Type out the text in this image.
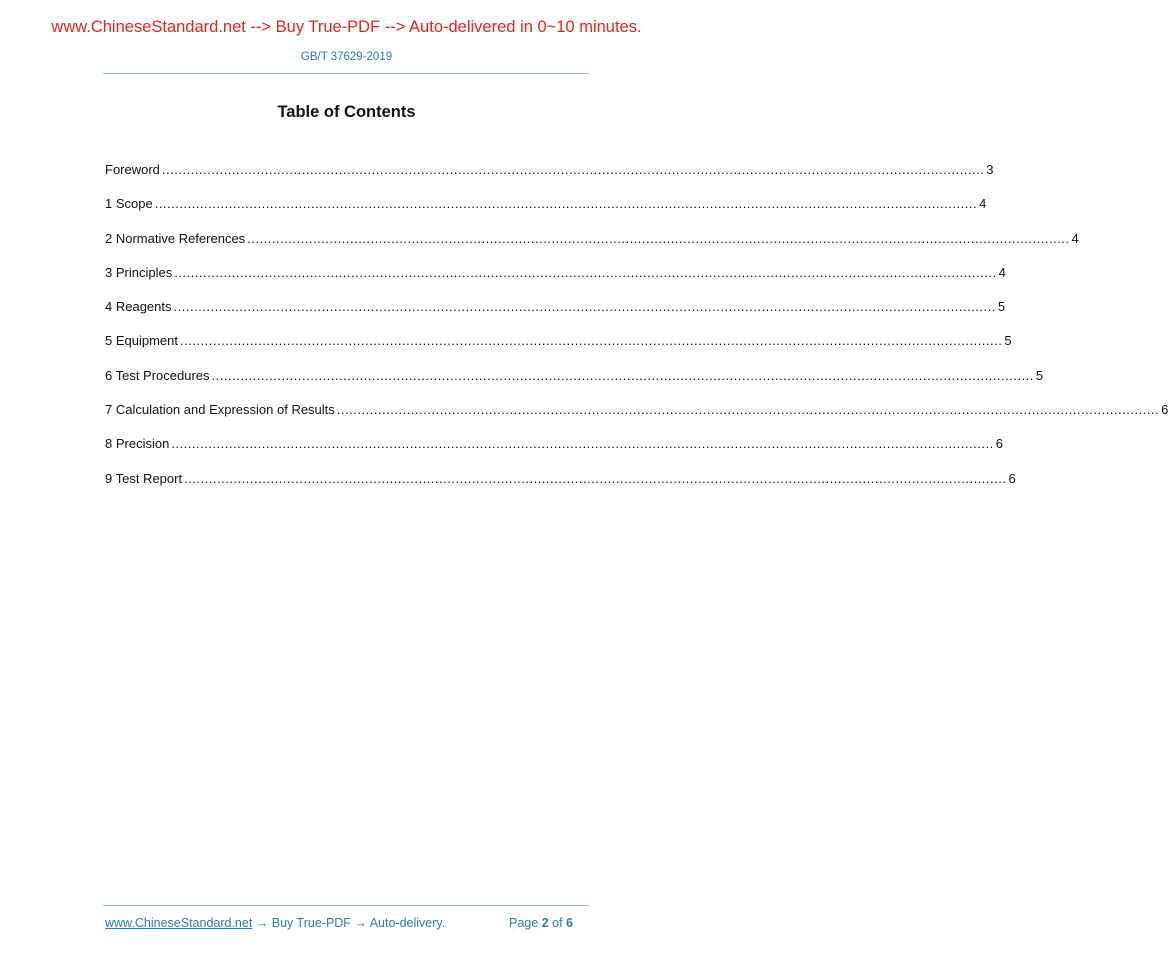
www.ChineseStandard.net --> Buy True-PDF --> Auto-delivered in 0~10 minutes.
GB/T 37629-2019
Table of Contents
Foreword ........................................................................................................................................................................................................ 3
1 Scope ........................................................................................................................................................................................................ 4
2 Normative References ........................................................................................................................................................................................................ 4
3 Principles ........................................................................................................................................................................................................ 4
4 Reagents ........................................................................................................................................................................................................ 5
5 Equipment ........................................................................................................................................................................................................ 5
6 Test Procedures ........................................................................................................................................................................................................ 5
7 Calculation and Expression of Results ........................................................................................................................................................................................................ 6
8 Precision ........................................................................................................................................................................................................ 6
9 Test Report ........................................................................................................................................................................................................ 6
www.ChineseStandard.net → Buy True-PDF → Auto-delivery.	Page 2 of 6
